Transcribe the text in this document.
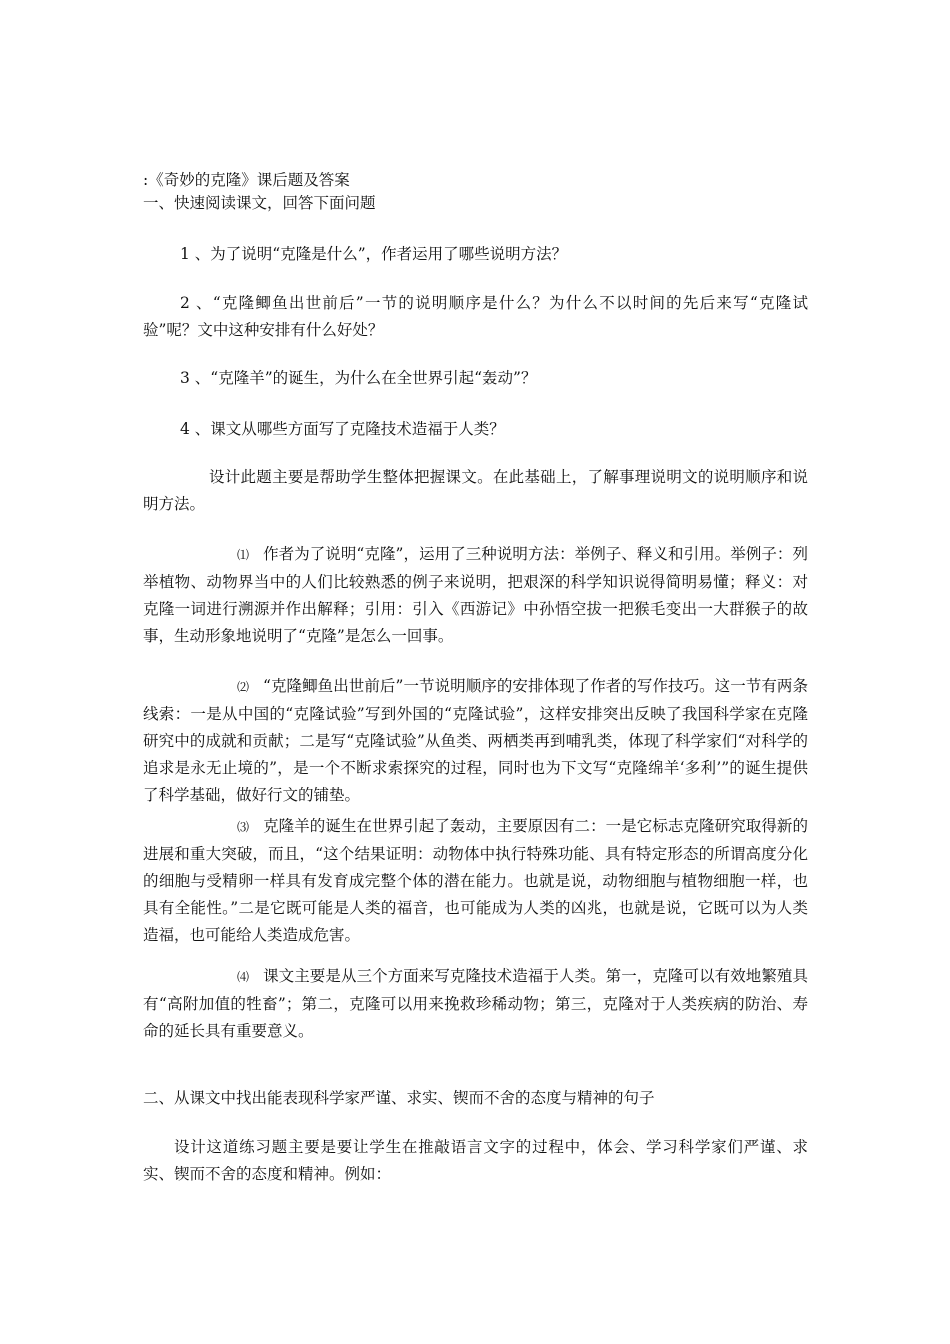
:《奇妙的克隆》课后题及答案
一、快速阅读课文，回答下面问题
1 、为了说明“克隆是什么”，作者运用了哪些说明方法？
2 、“克隆鲫鱼出世前后”一节的说明顺序是什么？为什么不以时间的先后来写“克隆试验”呢？文中这种安排有什么好处？
3 、“克隆羊”的诞生，为什么在全世界引起“轰动”？
4 、课文从哪些方面写了克隆技术造福于人类？
设计此题主要是帮助学生整体把握课文。在此基础上，了解事理说明文的说明顺序和说明方法。
⑴ 作者为了说明“克隆”，运用了三种说明方法：举例子、释义和引用。举例子：列举植物、动物界当中的人们比较熟悉的例子来说明，把艰深的科学知识说得简明易懂；释义：对克隆一词进行溯源并作出解释；引用：引入《西游记》中孙悟空拔一把猴毛变出一大群猴子的故事，生动形象地说明了“克隆”是怎么一回事。
⑵ “克隆鲫鱼出世前后”一节说明顺序的安排体现了作者的写作技巧。这一节有两条线索：一是从中国的“克隆试验”写到外国的“克隆试验”，这样安排突出反映了我国科学家在克隆研究中的成就和贡献；二是写“克隆试验”从鱼类、两栖类再到哺乳类，体现了科学家们“对科学的追求是永无止境的”，是一个不断求索探究的过程，同时也为下文写“克隆绵羊‘多利’”的诞生提供了科学基础，做好行文的铺垫。
⑶ 克隆羊的诞生在世界引起了轰动，主要原因有二：一是它标志克隆研究取得新的进展和重大突破，而且，“这个结果证明：动物体中执行特殊功能、具有特定形态的所谓高度分化的细胞与受精卵一样具有发育成完整个体的潜在能力。也就是说，动物细胞与植物细胞一样，也具有全能性。”二是它既可能是人类的福音，也可能成为人类的凶兆，也就是说，它既可以为人类造福，也可能给人类造成危害。
⑷ 课文主要是从三个方面来写克隆技术造福于人类。第一，克隆可以有效地繁殖具有“高附加值的牲畜”；第二，克隆可以用来挽救珍稀动物；第三，克隆对于人类疾病的防治、寿命的延长具有重要意义。
二、从课文中找出能表现科学家严谨、求实、锲而不舍的态度与精神的句子
设计这道练习题主要是要让学生在推敲语言文字的过程中，体会、学习科学家们严谨、求实、锲而不舍的态度和精神。例如：
